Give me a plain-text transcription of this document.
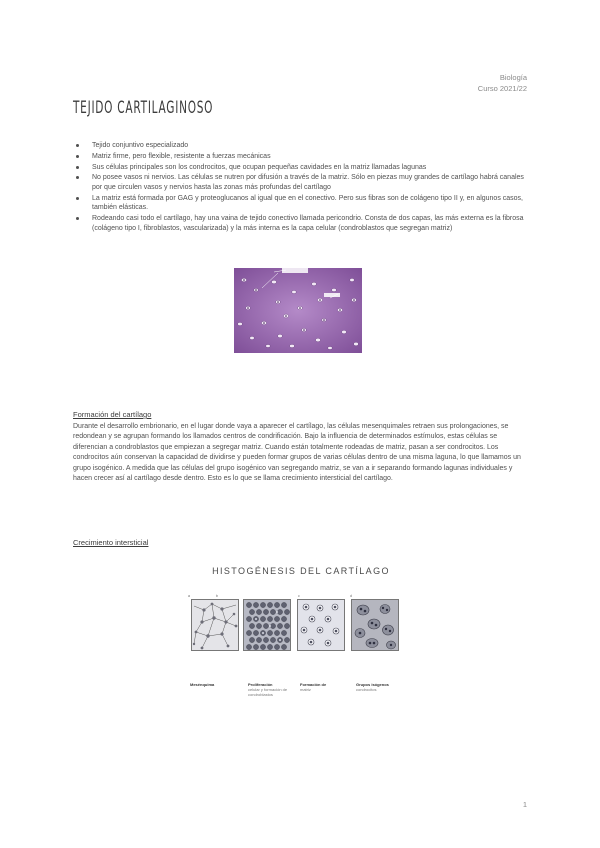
Biología
Curso 2021/22
TEJIDO CARTILAGINOSO
Tejido conjuntivo especializado
Matriz firme, pero flexible, resistente a fuerzas mecánicas
Sus células principales son los condrocitos, que ocupan pequeñas cavidades en la matriz llamadas lagunas
No posee vasos ni nervios. Las células se nutren por difusión a través de la matriz. Sólo en piezas muy grandes de cartílago habrá canales por que circulen vasos y nervios hasta las zonas más profundas del cartílago
La matriz está formada por GAG y proteoglucanos al igual que en el conectivo. Pero sus fibras son de colágeno tipo II y, en algunos casos, también elásticas.
Rodeando casi todo el cartílago, hay una vaina de tejido conectivo llamada pericondrio. Consta de dos capas, las más externa es la fibrosa (colágeno tipo I, fibroblastos, vascularizada) y la más interna es la capa celular (condroblastos que segregan matriz)
Formación del cartílago

Durante el desarrollo embrionario, en el lugar donde vaya a aparecer el cartílago, las células mesenquimales retraen sus prolongaciones, se redondean y se agrupan formando los llamados centros de condrificación. Bajo la influencia de determinados estímulos, estas células se diferencian a condroblastos que empiezan a segregar matriz. Cuando están totalmente rodeadas de matriz, pasan a ser condrocitos. Los condrocitos aún conservan la capacidad de dividirse y pueden formar grupos de varias células dentro de una misma laguna, lo que llamamos un grupo isogénico. A medida que las células del grupo isogénico van segregando matriz, se van a ir separando formando lagunas individuales y hacen crecer así al cartílago desde dentro. Esto es lo que se llama crecimiento intersticial del cartílago.

Crecimiento intersticial
HISTOGÉNESIS DEL CARTÍLAGO
a	b	c	d
Mesénquima	Proliferación
celular y formación de condroblastos
Formación de
matriz
Grupos isógenos
condrocitos
1
